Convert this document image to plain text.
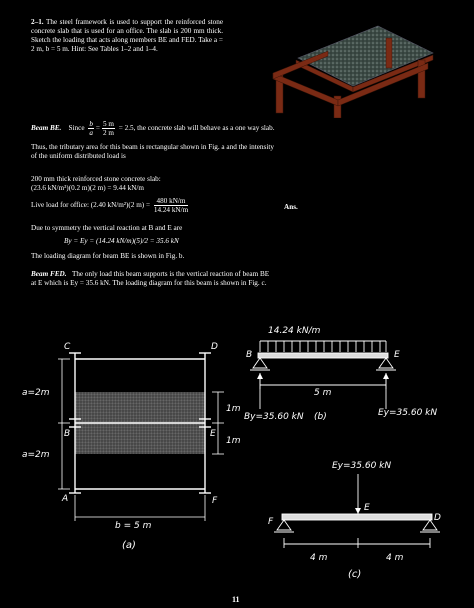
2–1. The steel framework is used to support the reinforced stone concrete slab that is used for an office. The slab is 200 mm thick. Sketch the loading that acts along members BE and FED. Take a = 2 m, b = 5 m. Hint: See Tables 1–2 and 1–4.
Beam BE. Since $\frac{b}{a} = \frac{5 m}{2 m} = 2.5$, the concrete slab will behave as a one way slab.
Thus, the tributary area for this beam is rectangular shown in Fig. a and the intensity
of the uniform distributed load is
200 mm thick reinforced stone concrete slab:
(23.6 kN/m³)(0.2 m)(2 m) = 9.44 kN/m
Live load for office: (2.40 kN/m²)(2 $m) = \frac{480 kN/m}{14.24 kN/m}$	Ans.
Due to symmetry the vertical reaction at B and E are
By = Ey = (14.24 kN/m)(5)/2 = 35.6 kN
The loading diagram for beam BE is shown in Fig. b.
Beam FED. The only load this beam supports is the vertical reaction of beam BE
at E which is Ey = 35.6 kN. The loading diagram for this beam is shown in Fig. c.
C	D
B	E
A	F
a=2m
a=2m
1m
1m
b = 5 m
(a)
14.24 kN/m
B	E
5 m
By=35.60 kN (b)	Ey=35.60 kN
Ey=35.60 kN
E
F	D
4 m	4 m
(c)
11
